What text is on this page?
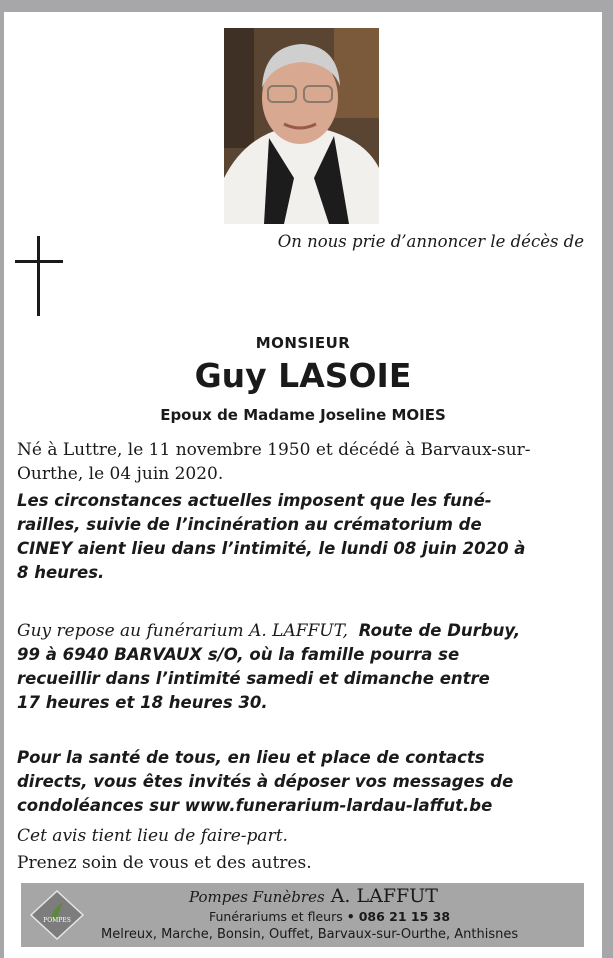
On nous prie d’annoncer le décès de
MONSIEUR
Guy LASOIE
Epoux de Madame Joseline MOIES
Né à Luttre, le 11 novembre 1950 et décédé à Barvaux-sur-
Ourthe, le 04 juin 2020.
Les circonstances actuelles imposent que les funé-
railles, suivie de l’incinération au crématorium de
CINEY aient lieu dans l’intimité, le lundi 08 juin 2020 à
8 heures.
Guy repose au funérarium A. LAFFUT, Route de Durbuy,
99 à 6940 BARVAUX s/O, où la famille pourra se
recueillir dans l’intimité samedi et dimanche entre
17 heures et 18 heures 30.
Pour la santé de tous, en lieu et place de contacts
directs, vous êtes invités à déposer vos messages de
condoléances sur www.funerarium-lardau-laffut.be
Cet avis tient lieu de faire-part.
Prenez soin de vous et des autres.
POMPES
Pompes Funèbres A. LAFFUT
Funérariums et fleurs • 086 21 15 38
Melreux, Marche, Bonsin, Ouffet, Barvaux-sur-Ourthe, Anthisnes
